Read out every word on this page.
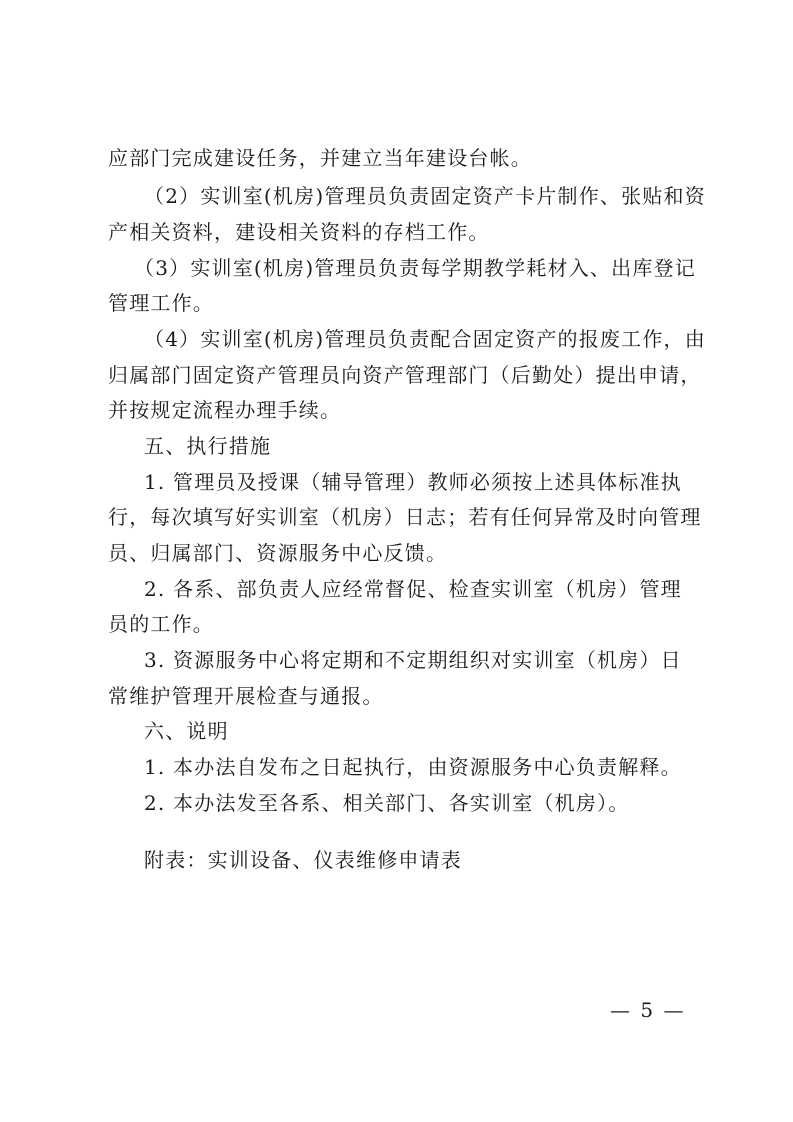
应部门完成建设任务，并建立当年建设台帐。
（2）实训室(机房)管理员负责固定资产卡片制作、张贴和资
产相关资料，建设相关资料的存档工作。
（3）实训室(机房)管理员负责每学期教学耗材入、出库登记
管理工作。
（4）实训室(机房)管理员负责配合固定资产的报废工作，由
归属部门固定资产管理员向资产管理部门（后勤处）提出申请，
并按规定流程办理手续。
五、执行措施
1. 管理员及授课（辅导管理）教师必须按上述具体标准执
行，每次填写好实训室（机房）日志；若有任何异常及时向管理
员、归属部门、资源服务中心反馈。
2. 各系、部负责人应经常督促、检查实训室（机房）管理
员的工作。
3. 资源服务中心将定期和不定期组织对实训室（机房）日
常维护管理开展检查与通报。
六、说明
1. 本办法自发布之日起执行，由资源服务中心负责解释。
2. 本办法发至各系、相关部门、各实训室（机房）。
附表：实训设备、仪表维修申请表
— 5 —
